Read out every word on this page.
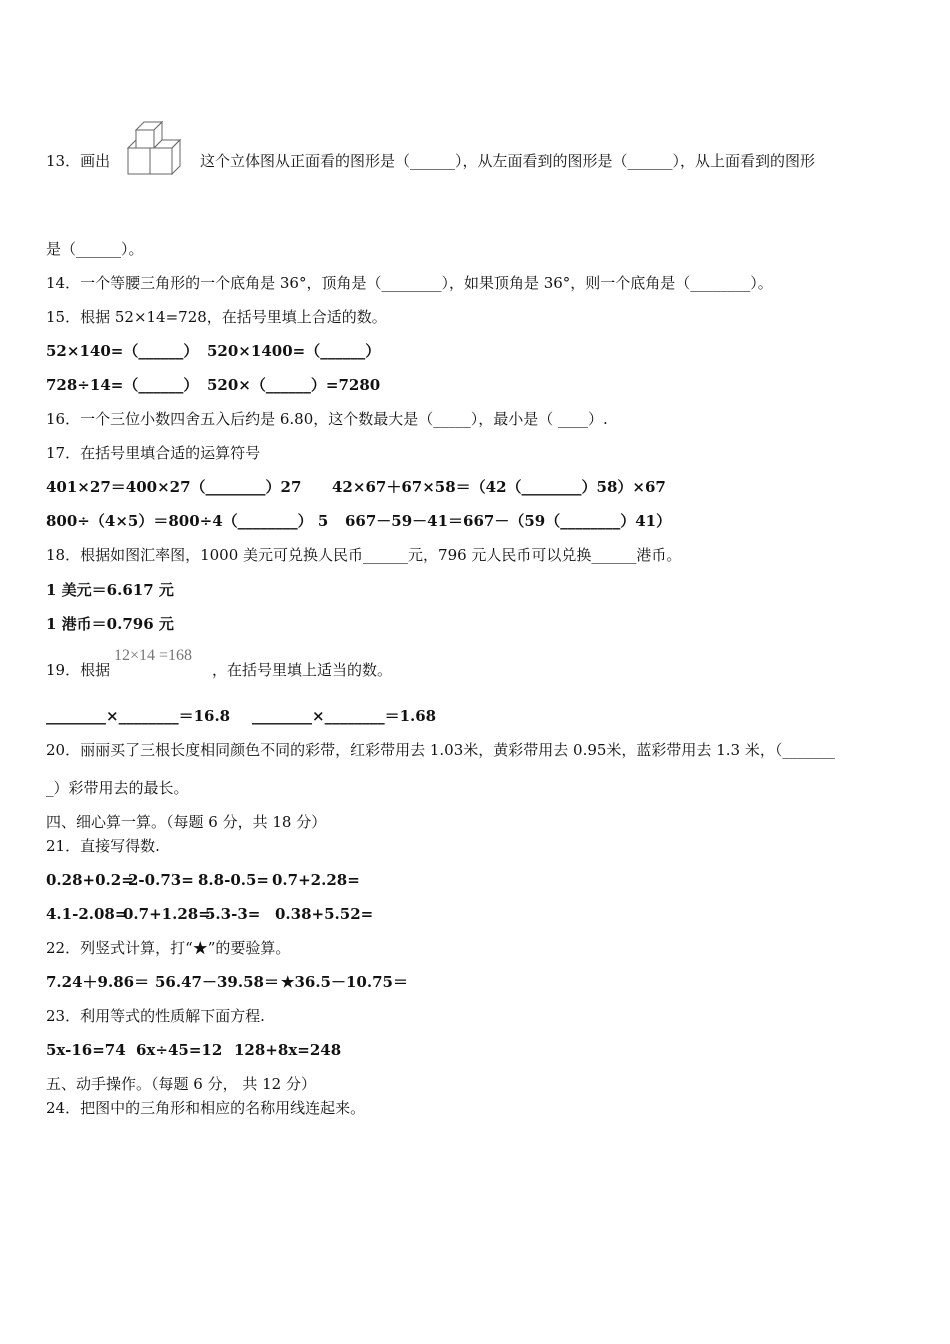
13．画出	这个立体图从正面看的图形是（______），从左面看到的图形是（______），从上面看到的图形
是（______）。
14．一个等腰三角形的一个底角是 36°，顶角是（________），如果顶角是 36°，则一个底角是（________）。
15．根据 52×14=728，在括号里填上合适的数。
52×140=（______） 520×1400=（______）
728÷14=（______） 520×（______）=7280
16．一个三位小数四舍五入后约是 6.80，这个数最大是（_____），最小是（ ____）.
17．在括号里填合适的运算符号
401×27＝400×27（________）27 42×67＋67×58＝（42（________）58）×67
800÷（4×5）＝800÷4（________） 5 667－59－41＝667－（59（________）41）
18．根据如图汇率图，1000 美元可兑换人民币______元，796 元人民币可以兑换______港币。
1 美元＝6.617 元
1 港币＝0.796 元
19．根据
12×14 =168
，在括号里填上适当的数。
________×________＝16.8 ________×________＝1.68
20．丽丽买了三根长度相同颜色不同的彩带，红彩带用去 1.03米，黄彩带用去 0.95米，蓝彩带用去 1.3 米，（_______
_）彩带用去的最长。
四、细心算一算。（每题 6 分，共 18 分）
21．直接写得数.
0.28+0.2=2-0.73= 8.8-0.5= 0.7+2.28=
4.1-2.08=0.7+1.28=5.3-3= 0.38+5.52=
22．列竖式计算，打“★”的要验算。
7.24＋9.86＝ 56.47－39.58＝ ★36.5－10.75＝
23．利用等式的性质解下面方程.
5x-16=74 6x÷45=12 128+8x=248
五、动手操作。（每题 6 分， 共 12 分）
24．把图中的三角形和相应的名称用线连起来。
